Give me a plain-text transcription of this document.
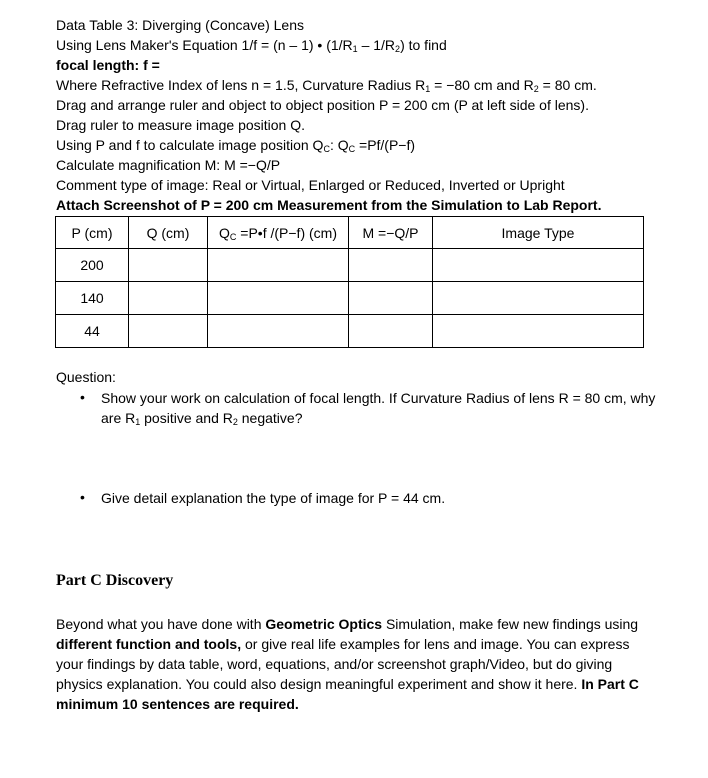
Data Table 3: Diverging (Concave) Lens
Using Lens Maker's Equation 1/f = (n – 1) • $(1/R_1 - 1/R_2)$ to find
focal length: f =
Where Refractive Index of lens n = 1.5, Curvature Radius $R_1 = -80$ cm and $R_2 = 80$ cm.
Drag and arrange ruler and object to object position P = 200 cm (P at left side of lens).
Drag ruler to measure image position Q.
Using P and f to calculate image position $Q_C$: $Q_C =Pf/(P-f)$
Calculate magnification M: M =−Q/P
Comment type of image: Real or Virtual, Enlarged or Reduced, Inverted or Upright
Attach Screenshot of P = 200 cm Measurement from the Simulation to Lab Report.
P (cm)	Q (cm)	$Q_C$ =P•f /(P−f) (cm)	M =−Q/P	Image Type
200				
140				
44				
Question:
• Show your work on calculation of focal length. If Curvature Radius of lens R = 80 cm, why are $R_1$ positive and $R_2$ negative?
• Give detail explanation the type of image for P = 44 cm.
Part C Discovery
Beyond what you have done with Geometric Optics Simulation, make few new findings using different function and tools, or give real life examples for lens and image. You can express your findings by data table, word, equations, and/or screenshot graph/Video, but do giving physics explanation. You could also design meaningful experiment and show it here. In Part C minimum 10 sentences are required.
